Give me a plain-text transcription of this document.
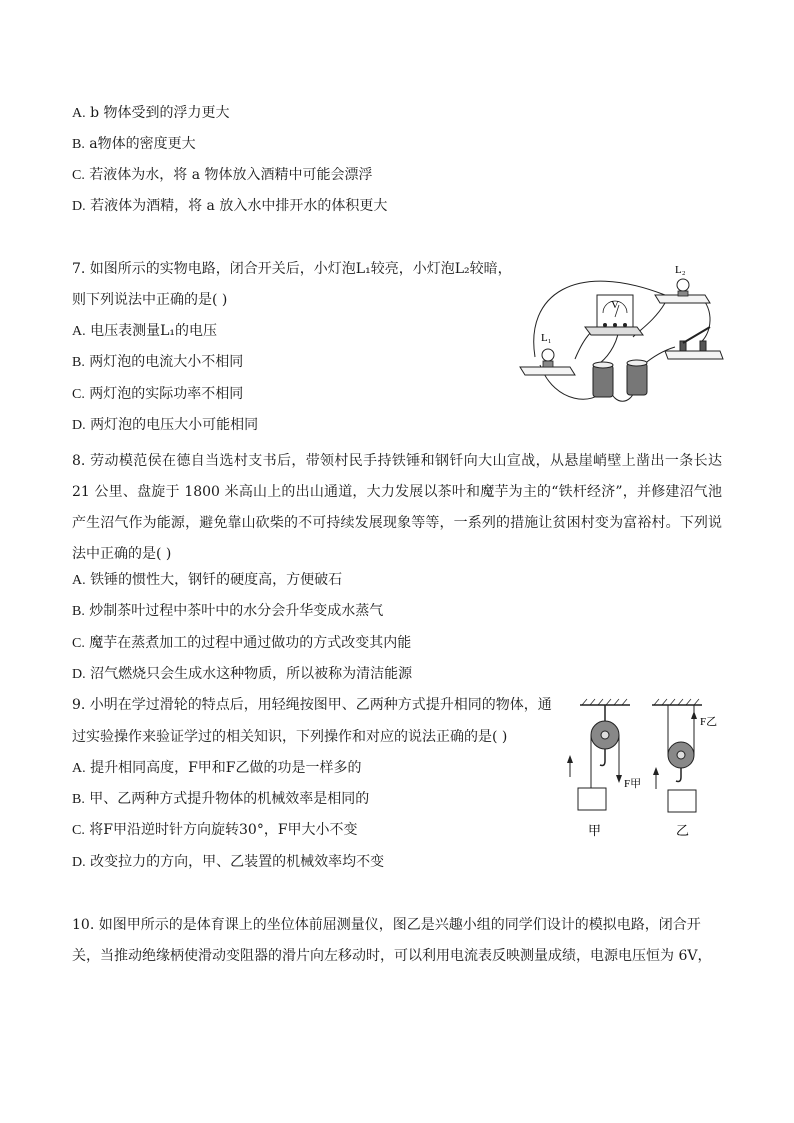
A. b 物体受到的浮力更大
B. a物体的密度更大
C. 若液体为水，将 a 物体放入酒精中可能会漂浮
D. 若液体为酒精，将 a 放入水中排开水的体积更大
7. 如图所示的实物电路，闭合开关后，小灯泡L₁较亮，小灯泡L₂较暗，
则下列说法中正确的是( )
A. 电压表测量L₁的电压
B. 两灯泡的电流大小不相同
C. 两灯泡的实际功率不相同
D. 两灯泡的电压大小可能相同
L₂
V
L₁
8. 劳动模范侯在德自当选村支书后，带领村民手持铁锤和钢钎向大山宣战，从悬崖峭壁上凿出一条长达 21 公里、盘旋于 1800 米高山上的出山通道，大力发展以茶叶和魔芋为主的“铁杆经济”，并修建沼气池产生沼气作为能源，避免靠山砍柴的不可持续发展现象等等，一系列的措施让贫困村变为富裕村。下列说法中正确的是( )
A. 铁锤的惯性大，钢钎的硬度高，方便破石
B. 炒制茶叶过程中茶叶中的水分会升华变成水蒸气
C. 魔芋在蒸煮加工的过程中通过做功的方式改变其内能
D. 沼气燃烧只会生成水这种物质，所以被称为清洁能源
9. 小明在学过滑轮的特点后，用轻绳按图甲、乙两种方式提升相同的物体，通
过实验操作来验证学过的相关知识，下列操作和对应的说法正确的是( )
A. 提升相同高度，F甲和F乙做的功是一样多的
B. 甲、乙两种方式提升物体的机械效率是相同的
C. 将F甲沿逆时针方向旋转30°，F甲大小不变
D. 改变拉力的方向，甲、乙装置的机械效率均不变
F甲
甲
F乙
乙
10. 如图甲所示的是体育课上的坐位体前屈测量仪，图乙是兴趣小组的同学们设计的模拟电路，闭合开
关，当推动绝缘柄使滑动变阻器的滑片向左移动时，可以利用电流表反映测量成绩，电源电压恒为 6V，
